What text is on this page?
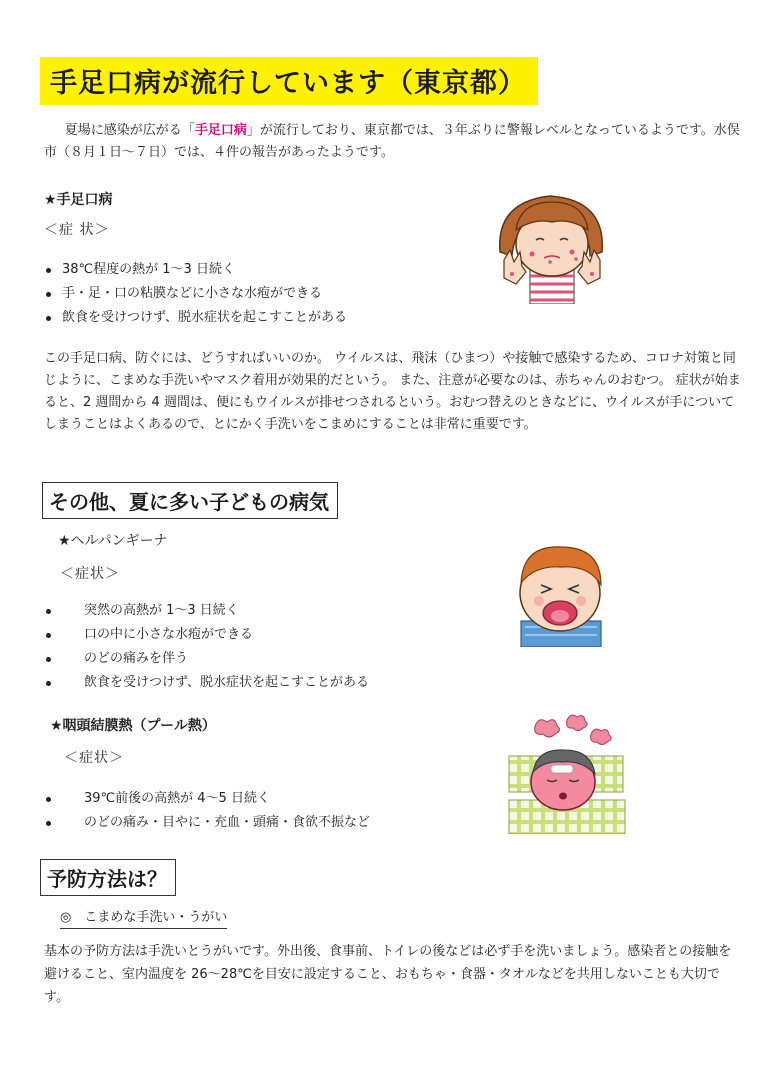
手足口病が流行しています（東京都）
夏場に感染が広がる「手足口病」が流行しており、東京都では、３年ぶりに警報レベルとなっているようです。水俣市（８月１日～７日）では、４件の報告があったようです。
★手足口病
＜症 状＞
38℃程度の熱が 1～3 日続く
手・足・口の粘膜などに小さな水疱ができる
飲食を受けつけず、脱水症状を起こすことがある
この手足口病、防ぐには、どうすればいいのか。 ウイルスは、飛沫（ひまつ）や接触で感染するため、コロナ対策と同じように、こまめな手洗いやマスク着用が効果的だという。 また、注意が必要なのは、赤ちゃんのおむつ。 症状が始まると、2 週間から 4 週間は、便にもウイルスが排せつされるという。おむつ替えのときなどに、ウイルスが手についてしまうことはよくあるので、とにかく手洗いをこまめにすることは非常に重要です。
その他、夏に多い子どもの病気
★ヘルパンギーナ
＜症状＞
突然の高熱が 1～3 日続く
口の中に小さな水疱ができる
のどの痛みを伴う
飲食を受けつけず、脱水症状を起こすことがある
★咽頭結膜熱（プール熱）
＜症状＞
39℃前後の高熱が 4～5 日続く
のどの痛み・目やに・充血・頭痛・食欲不振など
予防方法は？
◎　こまめな手洗い・うがい
基本の予防方法は手洗いとうがいです。外出後、食事前、トイレの後などは必ず手を洗いましょう。感染者との接触を避けること、室内温度を 26～28℃を目安に設定すること、おもちゃ・食器・タオルなどを共用しないことも大切です。
